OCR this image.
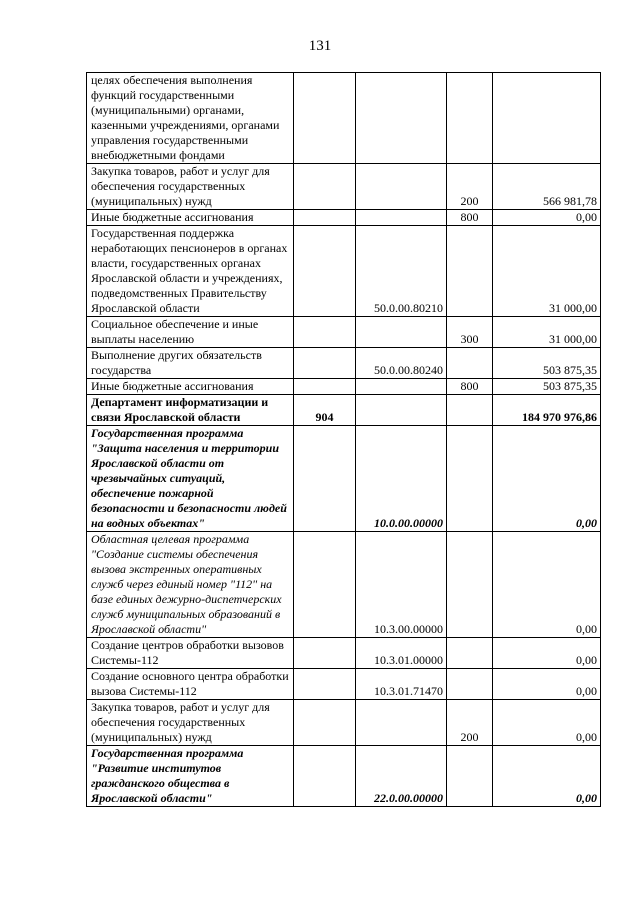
131
целях обеспечения выполнения функций государственными (муниципальными) органами, казенными учреждениями, органами управления государственными внебюджетными фондами				
Закупка товаров, работ и услуг для обеспечения государственных (муниципальных) нужд			200	566 981,78
Иные бюджетные ассигнования			800	0,00
Государственная поддержка неработающих пенсионеров в органах власти, государственных органах Ярославской области и учреждениях, подведомственных Правительству Ярославской области		50.0.00.80210		31 000,00
Социальное обеспечение и иные выплаты населению			300	31 000,00
Выполнение других обязательств государства		50.0.00.80240		503 875,35
Иные бюджетные ассигнования			800	503 875,35
Департамент информатизации и связи Ярославской области	904			184 970 976,86
Государственная программа "Защита населения и территории Ярославской области от чрезвычайных ситуаций, обеспечение пожарной безопасности и безопасности людей на водных объектах"		10.0.00.00000		0,00
Областная целевая программа "Создание системы обеспечения вызова экстренных оперативных служб через единый номер "112" на базе единых дежурно-диспетчерских служб муниципальных образований в Ярославской области"		10.3.00.00000		0,00
Создание центров обработки вызовов Системы-112		10.3.01.00000		0,00
Создание основного центра обработки вызова Системы-112		10.3.01.71470		0,00
Закупка товаров, работ и услуг для обеспечения государственных (муниципальных) нужд			200	0,00
Государственная программа "Развитие институтов гражданского общества в Ярославской области"		22.0.00.00000		0,00
